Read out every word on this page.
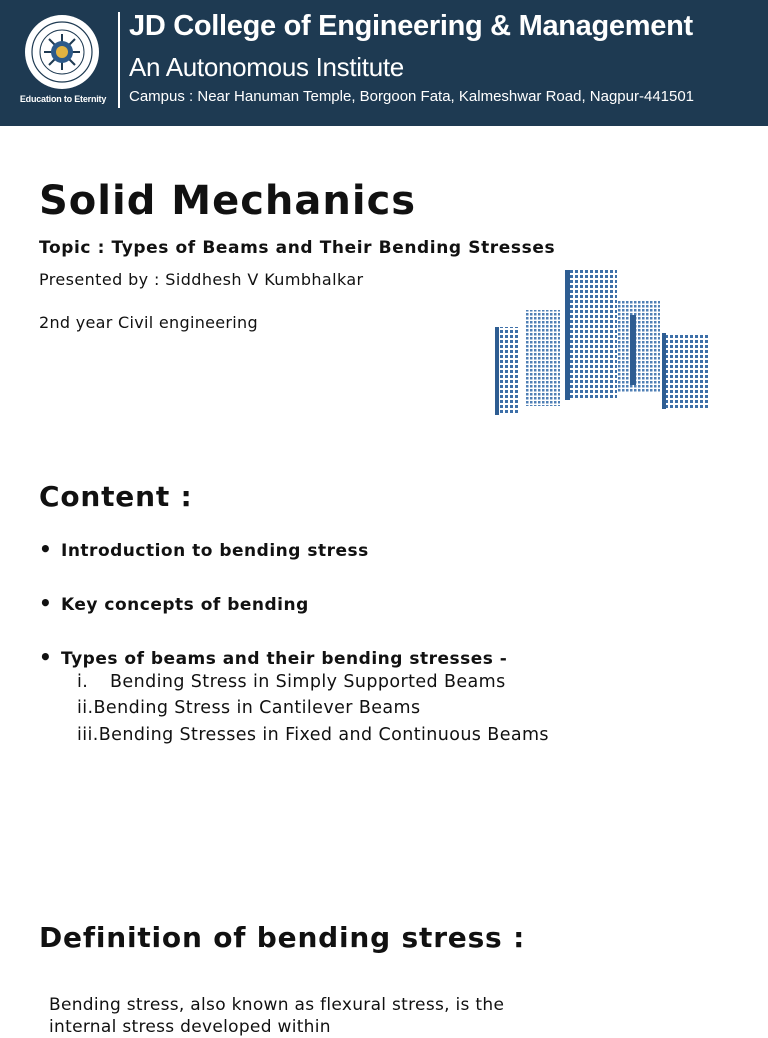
Education to Eternity
JD College of Engineering & Management
An Autonomous Institute
Campus : Near Hanuman Temple, Borgoon Fata, Kalmeshwar Road, Nagpur-441501
Solid Mechanics
Topic : Types of Beams and Their Bending Stresses
Presented by : Siddhesh V Kumbhalkar
2nd year Civil engineering
Content :
• Introduction to bending stress
• Key concepts of bending
• Types of beams and their bending stresses -
i. Bending Stress in Simply Supported Beams
ii.Bending Stress in Cantilever Beams
iii.Bending Stresses in Fixed and Continuous Beams
Definition of bending stress :
Bending stress, also known as flexural stress, is the internal stress developed within
